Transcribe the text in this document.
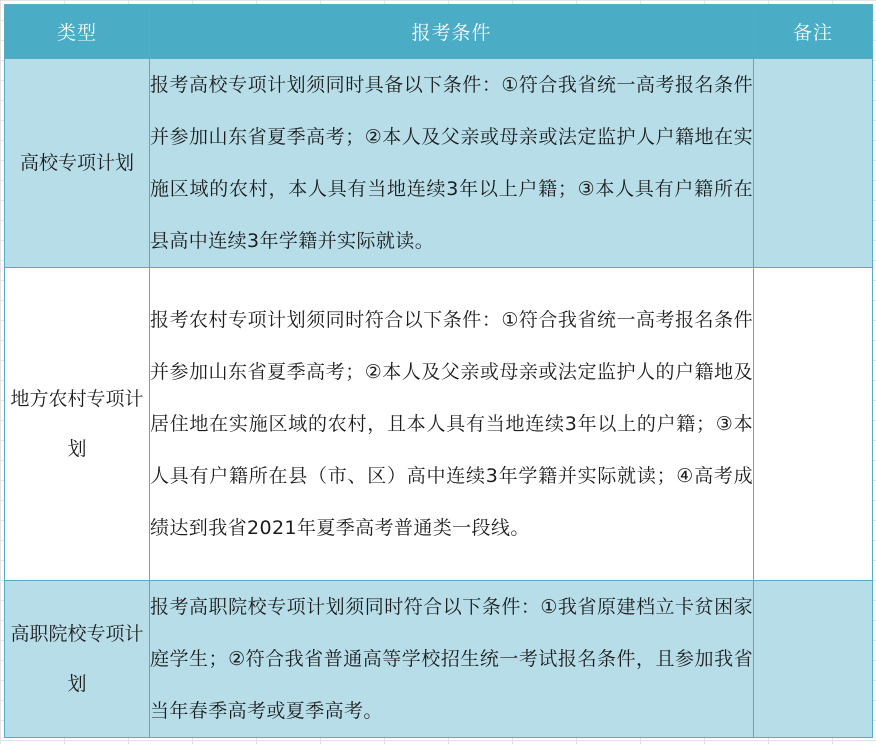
类型	报考条件	备注
高校专项计划	报考高校专项计划须同时具备以下条件：①符合我省统一高考报名条件并参加山东省夏季高考；②本人及父亲或母亲或法定监护人户籍地在实施区域的农村，本人具有当地连续3年以上户籍；③本人具有户籍所在县高中连续3年学籍并实际就读。	
地方农村专项计划	报考农村专项计划须同时符合以下条件：①符合我省统一高考报名条件并参加山东省夏季高考；②本人及父亲或母亲或法定监护人的户籍地及居住地在实施区域的农村，且本人具有当地连续3年以上的户籍；③本人具有户籍所在县（市、区）高中连续3年学籍并实际就读；④高考成绩达到我省2021年夏季高考普通类一段线。	
高职院校专项计划	报考高职院校专项计划须同时符合以下条件：①我省原建档立卡贫困家庭学生；②符合我省普通高等学校招生统一考试报名条件，且参加我省当年春季高考或夏季高考。	
